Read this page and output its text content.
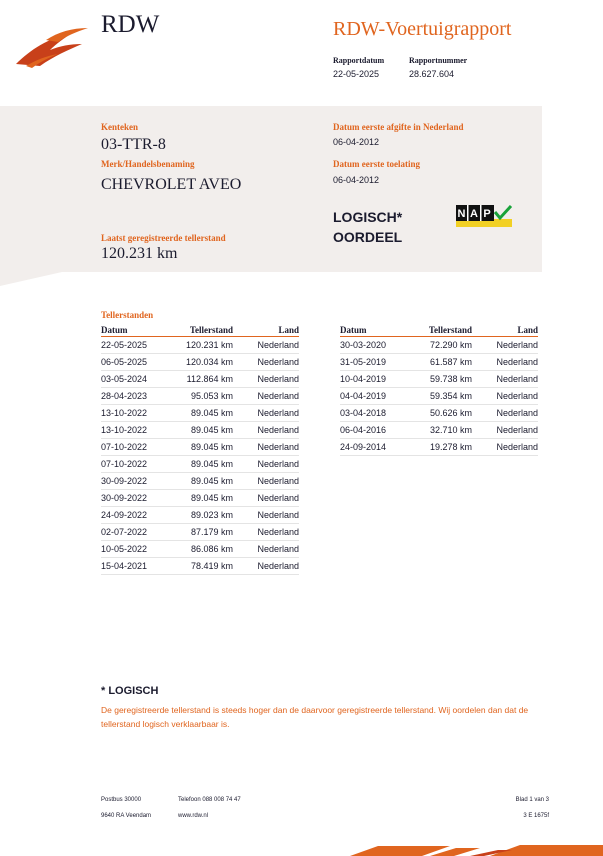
RDW	RDW-Voertuigrapport
Rapportdatum
22-05-2025
Rapportnummer
28.627.604
Kenteken
03-TTR-8
Merk/Handelsbenaming
CHEVROLET AVEO
Laatst geregistreerde tellerstand
120.231 km
Datum eerste afgifte in Nederland
06-04-2012
Datum eerste toelating
06-04-2012
LOGISCH*
OORDEEL
N A P
Tellerstanden
Datum	Tellerstand	Land
22-05-2025	120.231 km	Nederland
06-05-2025	120.034 km	Nederland
03-05-2024	112.864 km	Nederland
28-04-2023	95.053 km	Nederland
13-10-2022	89.045 km	Nederland
13-10-2022	89.045 km	Nederland
07-10-2022	89.045 km	Nederland
07-10-2022	89.045 km	Nederland
30-09-2022	89.045 km	Nederland
30-09-2022	89.045 km	Nederland
24-09-2022	89.023 km	Nederland
02-07-2022	87.179 km	Nederland
10-05-2022	86.086 km	Nederland
15-04-2021	78.419 km	Nederland
Datum	Tellerstand	Land
30-03-2020	72.290 km	Nederland
31-05-2019	61.587 km	Nederland
10-04-2019	59.738 km	Nederland
04-04-2019	59.354 km	Nederland
03-04-2018	50.626 km	Nederland
06-04-2016	32.710 km	Nederland
24-09-2014	19.278 km	Nederland
* LOGISCH
De geregistreerde tellerstand is steeds hoger dan de daarvoor geregistreerde tellerstand. Wij oordelen dan dat de tellerstand logisch verklaarbaar is.
Postbus 30000
9640 RA Veendam
Telefoon 088 008 74 47
www.rdw.nl
Blad 1 van 3
3 E 1675f
